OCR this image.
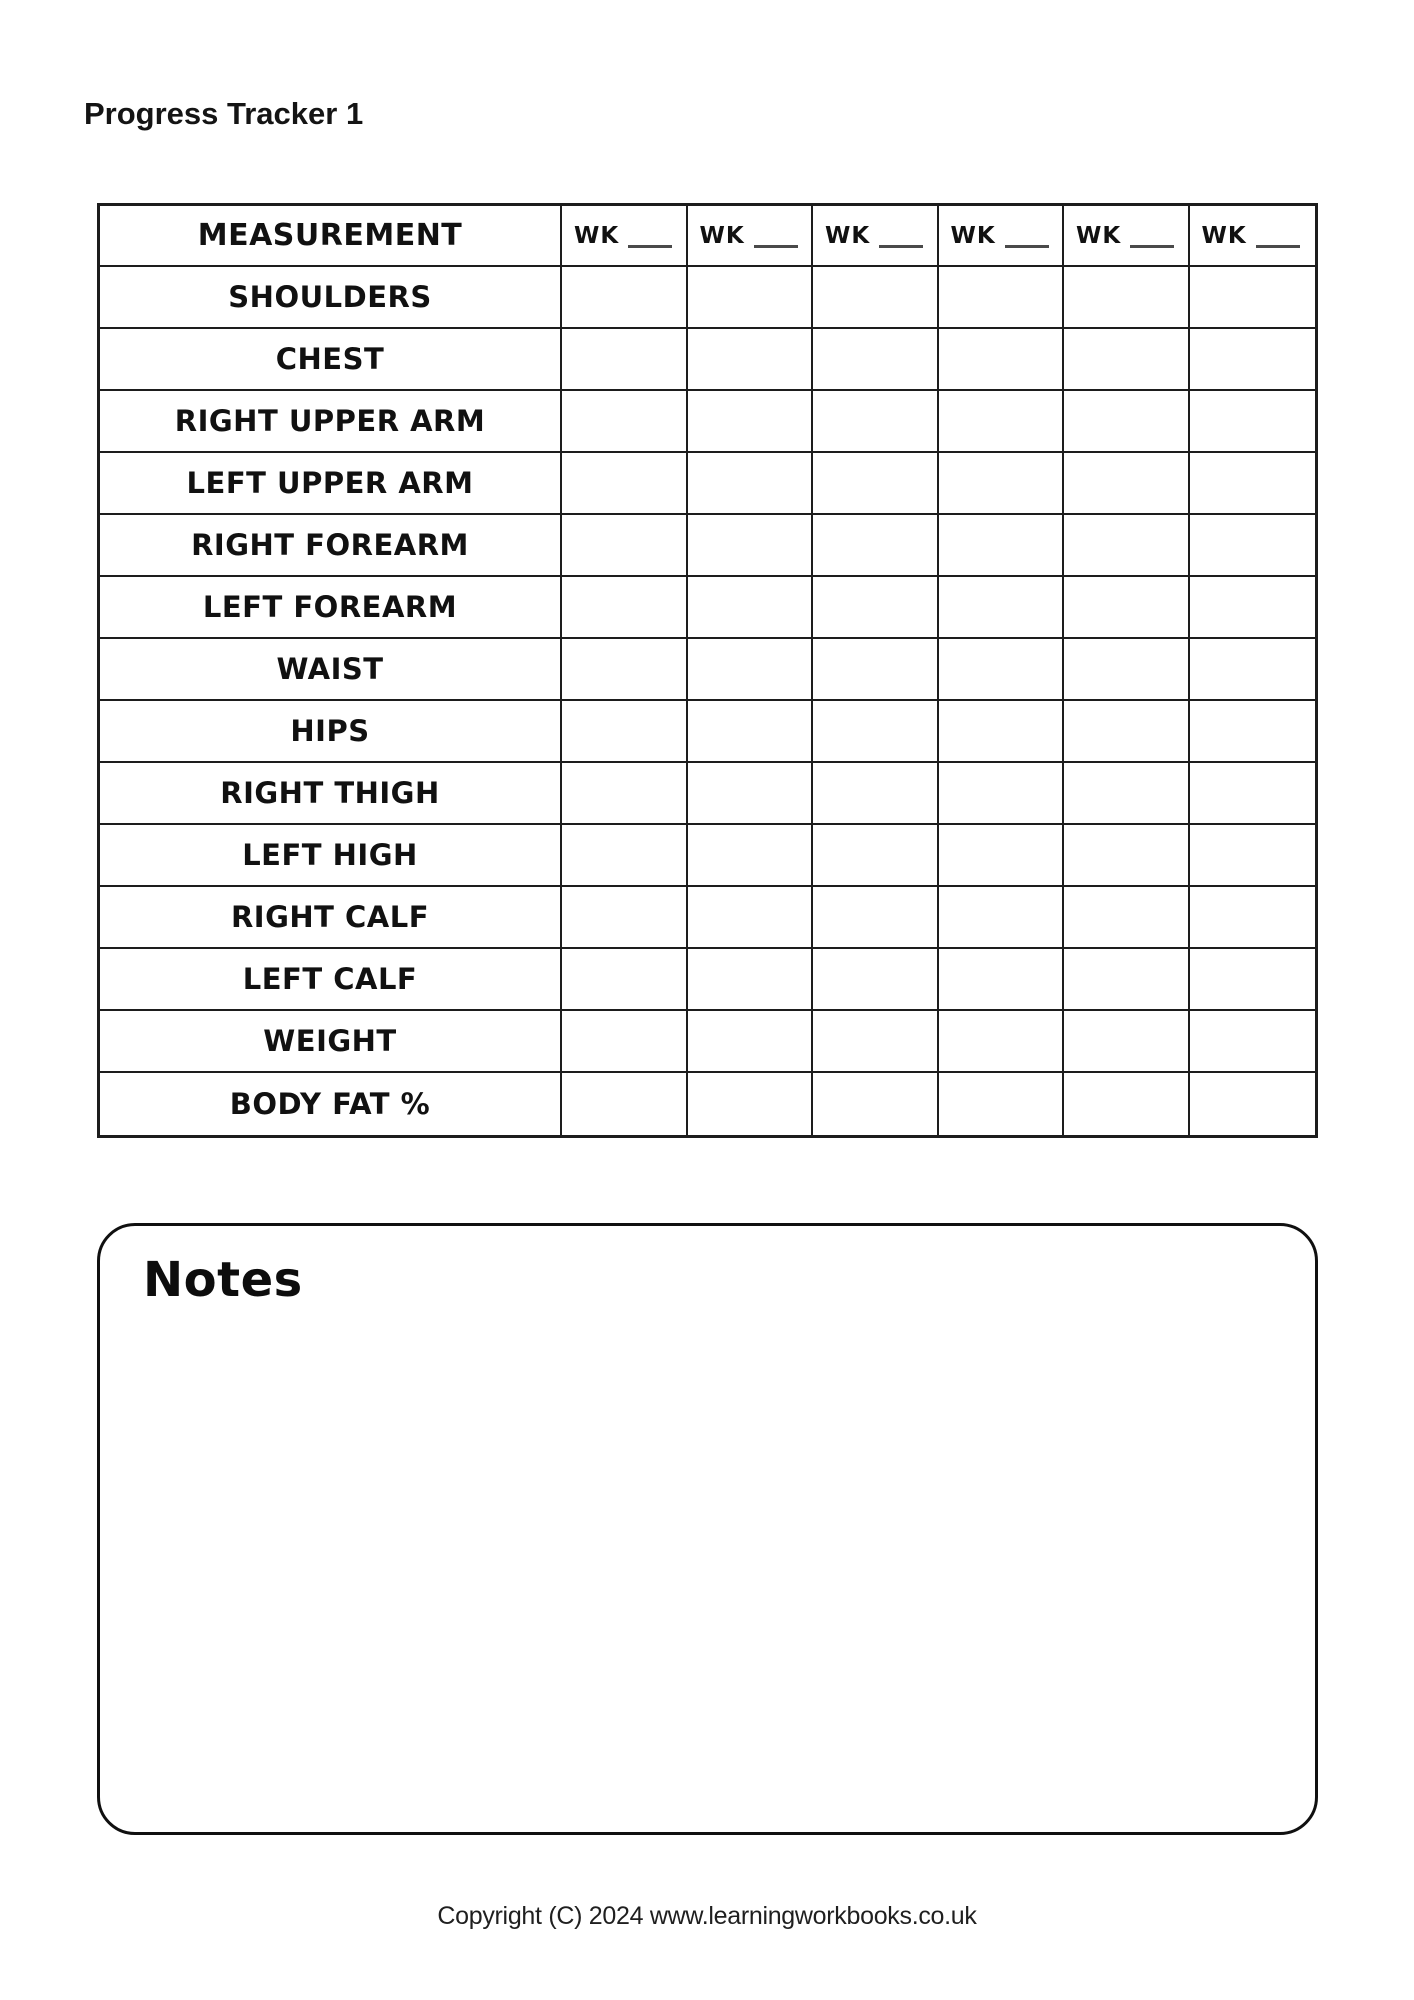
Progress Tracker 1
MEASUREMENT	WK	WK	WK	WK	WK	WK
SHOULDERS
CHEST
RIGHT UPPER ARM
LEFT UPPER ARM
RIGHT FOREARM
LEFT FOREARM
WAIST
HIPS
RIGHT THIGH
LEFT HIGH
RIGHT CALF
LEFT CALF
WEIGHT
BODY FAT %
Notes
Copyright (C) 2024 www.learningworkbooks.co.uk
